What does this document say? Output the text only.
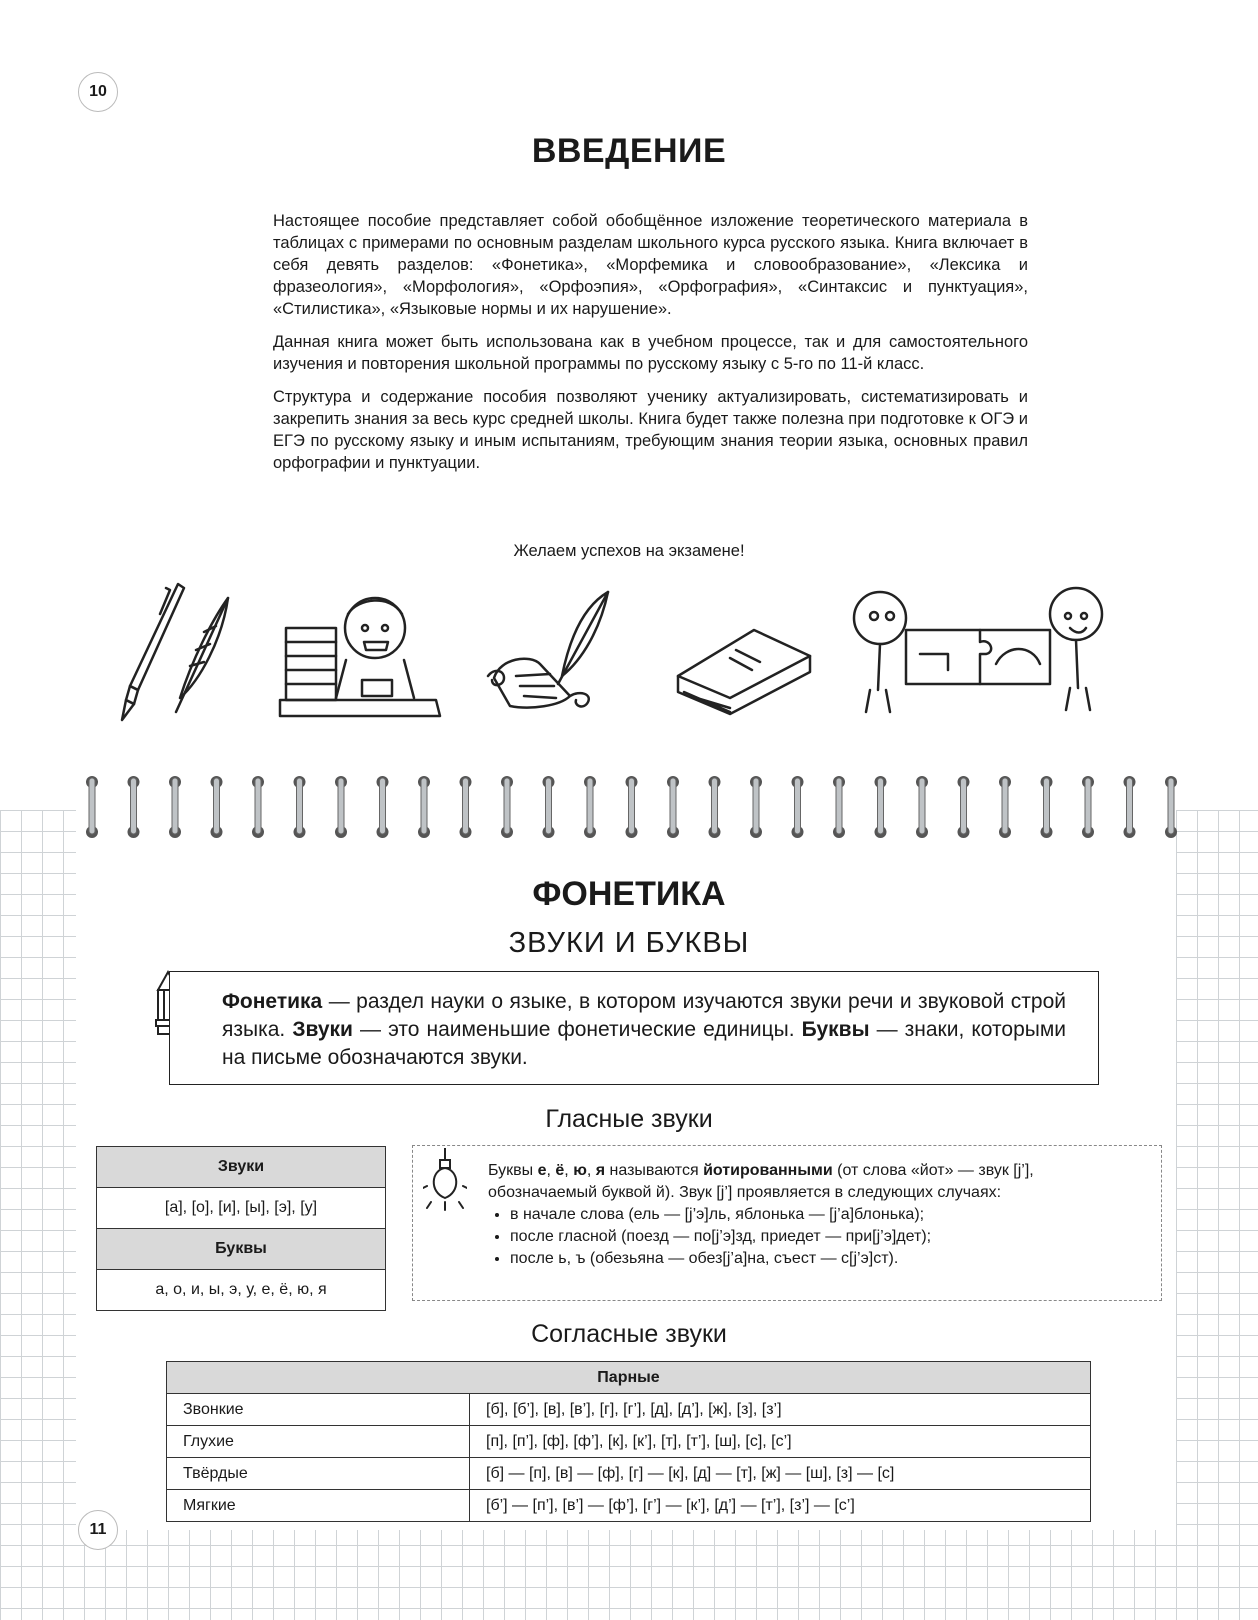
10
ВВЕДЕНИЕ

Настоящее пособие представляет собой обобщённое изложение теоретического материала в таблицах с примерами по основным разделам школьного курса русского языка. Книга включает в себя девять разделов: «Фонетика», «Морфемика и словообразование», «Лексика и фразеология», «Морфология», «Орфоэпия», «Орфография», «Синтаксис и пунктуация», «Стилистика», «Языковые нормы и их нарушение».

Данная книга может быть использована как в учебном процессе, так и для самостоятельного изучения и повторения школьной программы по русскому языку с 5-го по 11-й класс.

Структура и содержание пособия позволяют ученику актуализировать, систематизировать и закрепить знания за весь курс средней школы. Книга будет также полезна при подготовке к ОГЭ и ЕГЭ по русскому языку и иным испытаниям, требующим знания теории языка, основных правил орфографии и пунктуации.

Желаем успехов на экзамене!
ФОНЕТИКА
ЗВУКИ И БУКВЫ
Фонетика — раздел науки о языке, в котором изучаются звуки речи и звуковой строй языка. Звуки — это наименьшие фонетические единицы. Буквы — знаки, которыми на письме обозначаются звуки.
Гласные звуки
Звуки
[а], [о], [и], [ы], [э], [у]
Буквы
а, о, и, ы, э, у, е, ё, ю, я
Буквы е, ё, ю, я называются йотированными (от слова «йот» — звук [j’], обозначаемый буквой й). Звук [j’] проявляется в следующих случаях:
• в начале слова (ель — [j’э]ль, яблонька — [j’а]блонька);
• после гласной (поезд — по[j’э]зд, приедет — при[j’э]дет);
• после ь, ъ (обезьяна — обез[j’а]на, съест — с[j’э]ст).
Согласные звуки
Парные	
Звонкие	[б], [б’], [в], [в’], [г], [г’], [д], [д’], [ж], [з], [з’]
Глухие	[п], [п’], [ф], [ф’], [к], [к’], [т], [т’], [ш], [с], [с’]
Твёрдые	[б] — [п], [в] — [ф], [г] — [к], [д] — [т], [ж] — [ш], [з] — [с]
Мягкие	[б’] — [п’], [в’] — [ф’], [г’] — [к’], [д’] — [т’], [з’] — [с’]
11
